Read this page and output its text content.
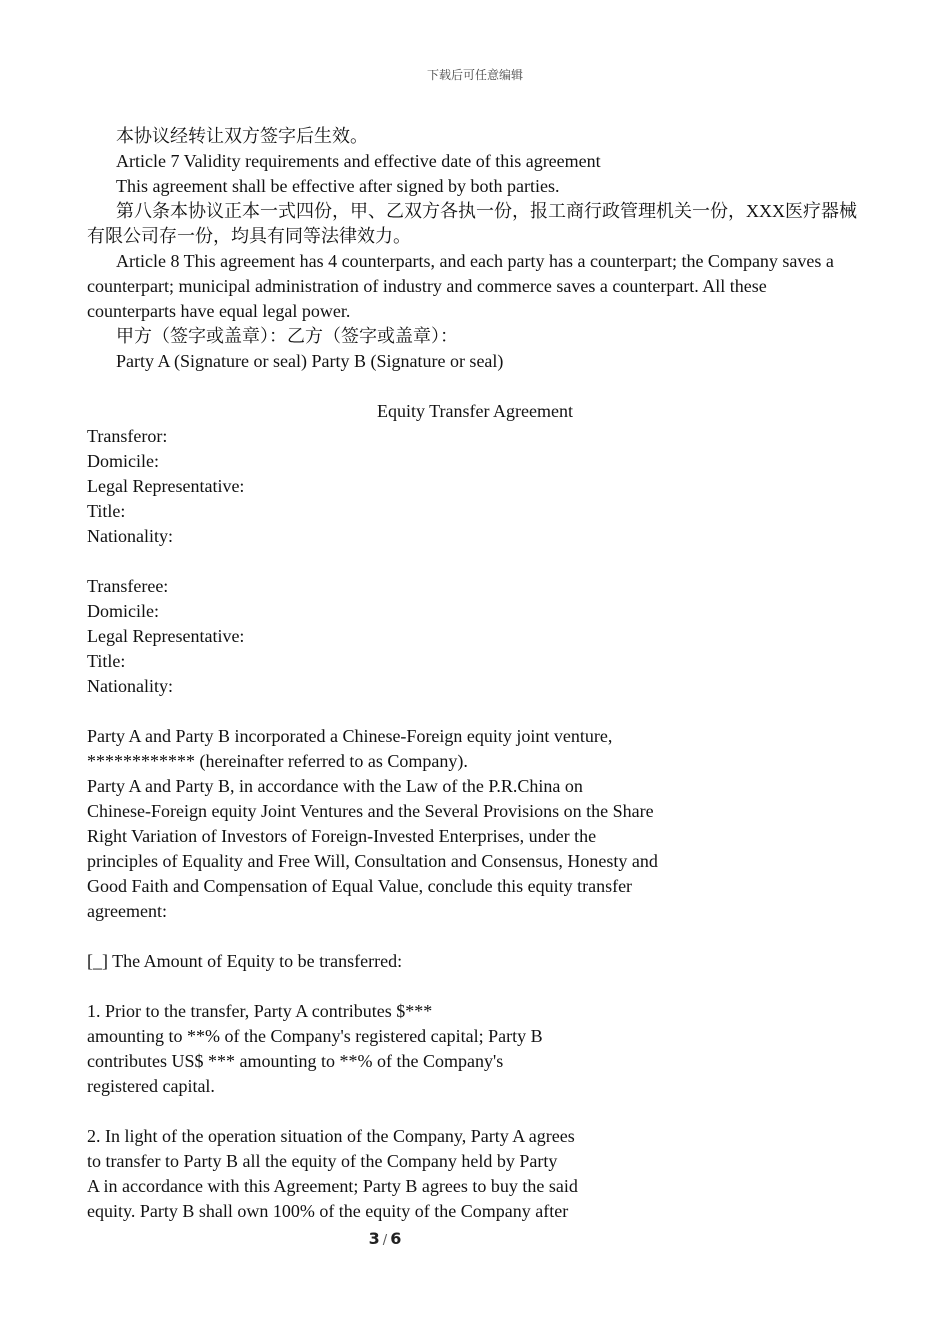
下载后可任意编辑
本协议经转让双方签字后生效。
Article 7 Validity requirements and effective date of this agreement
This agreement shall be effective after signed by both parties.
第八条本协议正本一式四份，甲、乙双方各执一份，报工商行政管理机关一份，XXX医疗器械有限公司存一份，均具有同等法律效力。
Article 8 This agreement has 4 counterparts, and each party has a counterpart; the Company saves a counterpart; municipal administration of industry and commerce saves a counterpart. All these counterparts have equal legal power.
甲方（签字或盖章）：乙方（签字或盖章）：
Party A (Signature or seal) Party B (Signature or seal)
Equity Transfer Agreement
Transferor:
Domicile:
Legal Representative:
Title:
Nationality:
Transferee:
Domicile:
Legal Representative:
Title:
Nationality:
Party A and Party B incorporated a Chinese-Foreign equity joint venture,
************ (hereinafter referred to as Company).
Party A and Party B, in accordance with the Law of the P.R.China on
Chinese-Foreign equity Joint Ventures and the Several Provisions on the Share
Right Variation of Investors of Foreign-Invested Enterprises, under the
principles of Equality and Free Will, Consultation and Consensus, Honesty and
Good Faith and Compensation of Equal Value, conclude this equity transfer
agreement:
[_] The Amount of Equity to be transferred:
1. Prior to the transfer, Party A contributes $***
amounting to **% of the Company's registered capital; Party B
contributes US$ *** amounting to **% of the Company's
registered capital.
2. In light of the operation situation of the Company, Party A agrees
to transfer to Party B all the equity of the Company held by Party
A in accordance with this Agreement; Party B agrees to buy the said
equity. Party B shall own 100% of the equity of the Company after
3 / 6
